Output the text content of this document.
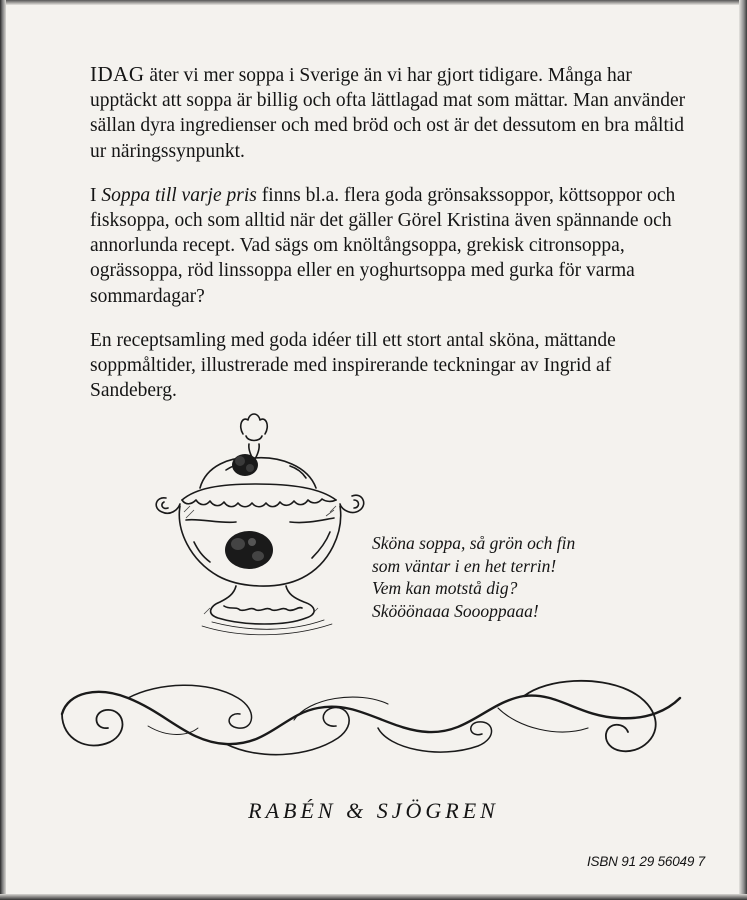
IDAG äter vi mer soppa i Sverige än vi har gjort tidigare. Många har upptäckt att soppa är billig och ofta lättlagad mat som mättar. Man använder sällan dyra ingredienser och med bröd och ost är det dessutom en bra måltid ur näringssynpunkt.

I Soppa till varje pris finns bl.a. flera goda grönsakssoppor, köttsoppor och fisksoppa, och som alltid när det gäller Görel Kristina även spännande och annorlunda recept. Vad sägs om knöltångsoppa, grekisk citronsoppa, ogrässoppa, röd linssoppa eller en yoghurtsoppa med gurka för varma sommardagar?

En receptsamling med goda idéer till ett stort antal sköna, mättande soppmåltider, illustrerade med inspirerande teckningar av Ingrid af Sandeberg.

Sköna soppa, så grön och fin
som väntar i en het terrin!
Vem kan motstå dig?
Skööönaaa Soooppaaa!
RABÉN & SJÖGREN
ISBN 91 29 56049 7
